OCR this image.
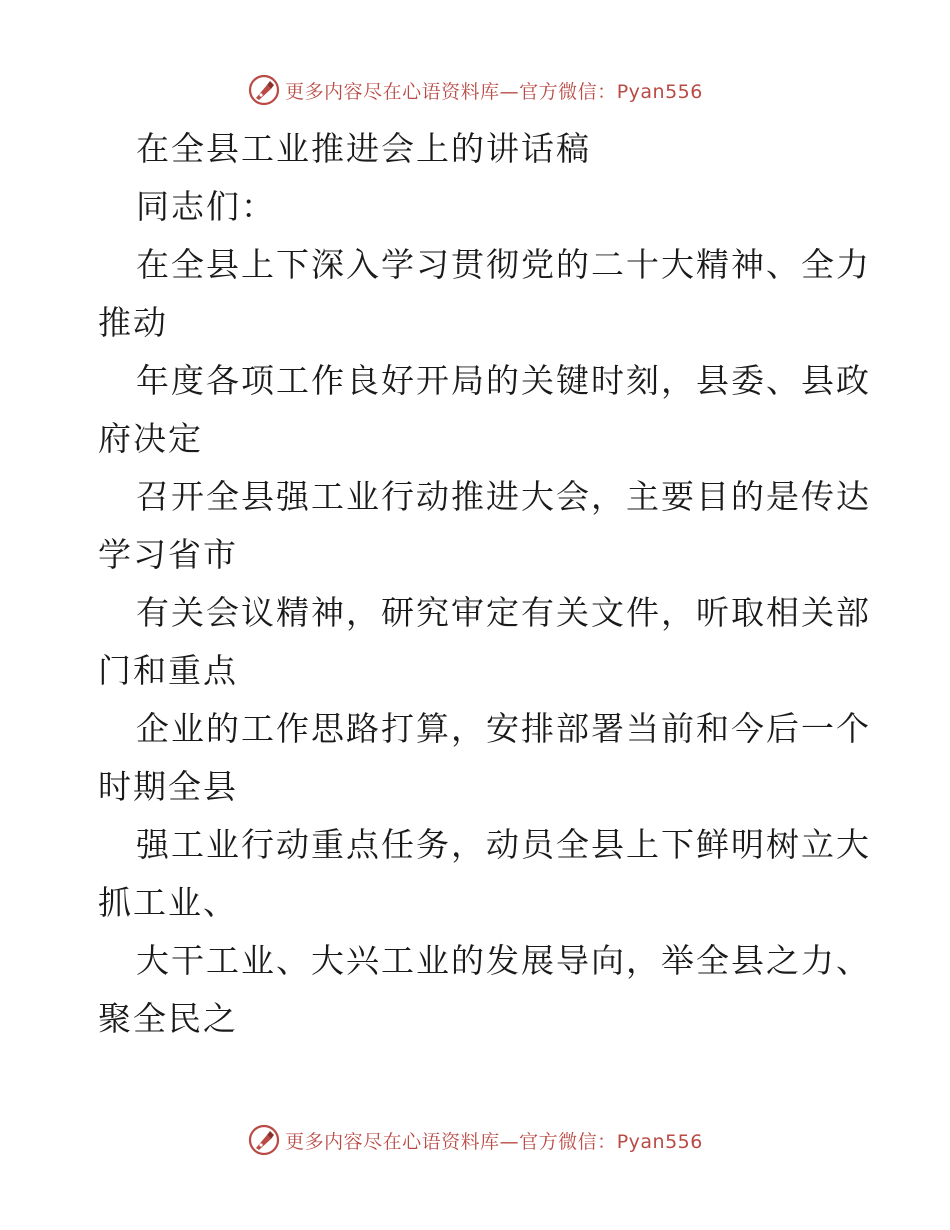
更多内容尽在心语资料库—官方微信：Pyan556
在全县工业推进会上的讲话稿
同志们：
在全县上下深入学习贯彻党的二十大精神、全力
推动
年度各项工作良好开局的关键时刻，县委、县政
府决定
召开全县强工业行动推进大会，主要目的是传达
学习省市
有关会议精神，研究审定有关文件，听取相关部
门和重点
企业的工作思路打算，安排部署当前和今后一个
时期全县
强工业行动重点任务，动员全县上下鲜明树立大
抓工业、
大干工业、大兴工业的发展导向，举全县之力、
聚全民之
更多内容尽在心语资料库—官方微信：Pyan556
